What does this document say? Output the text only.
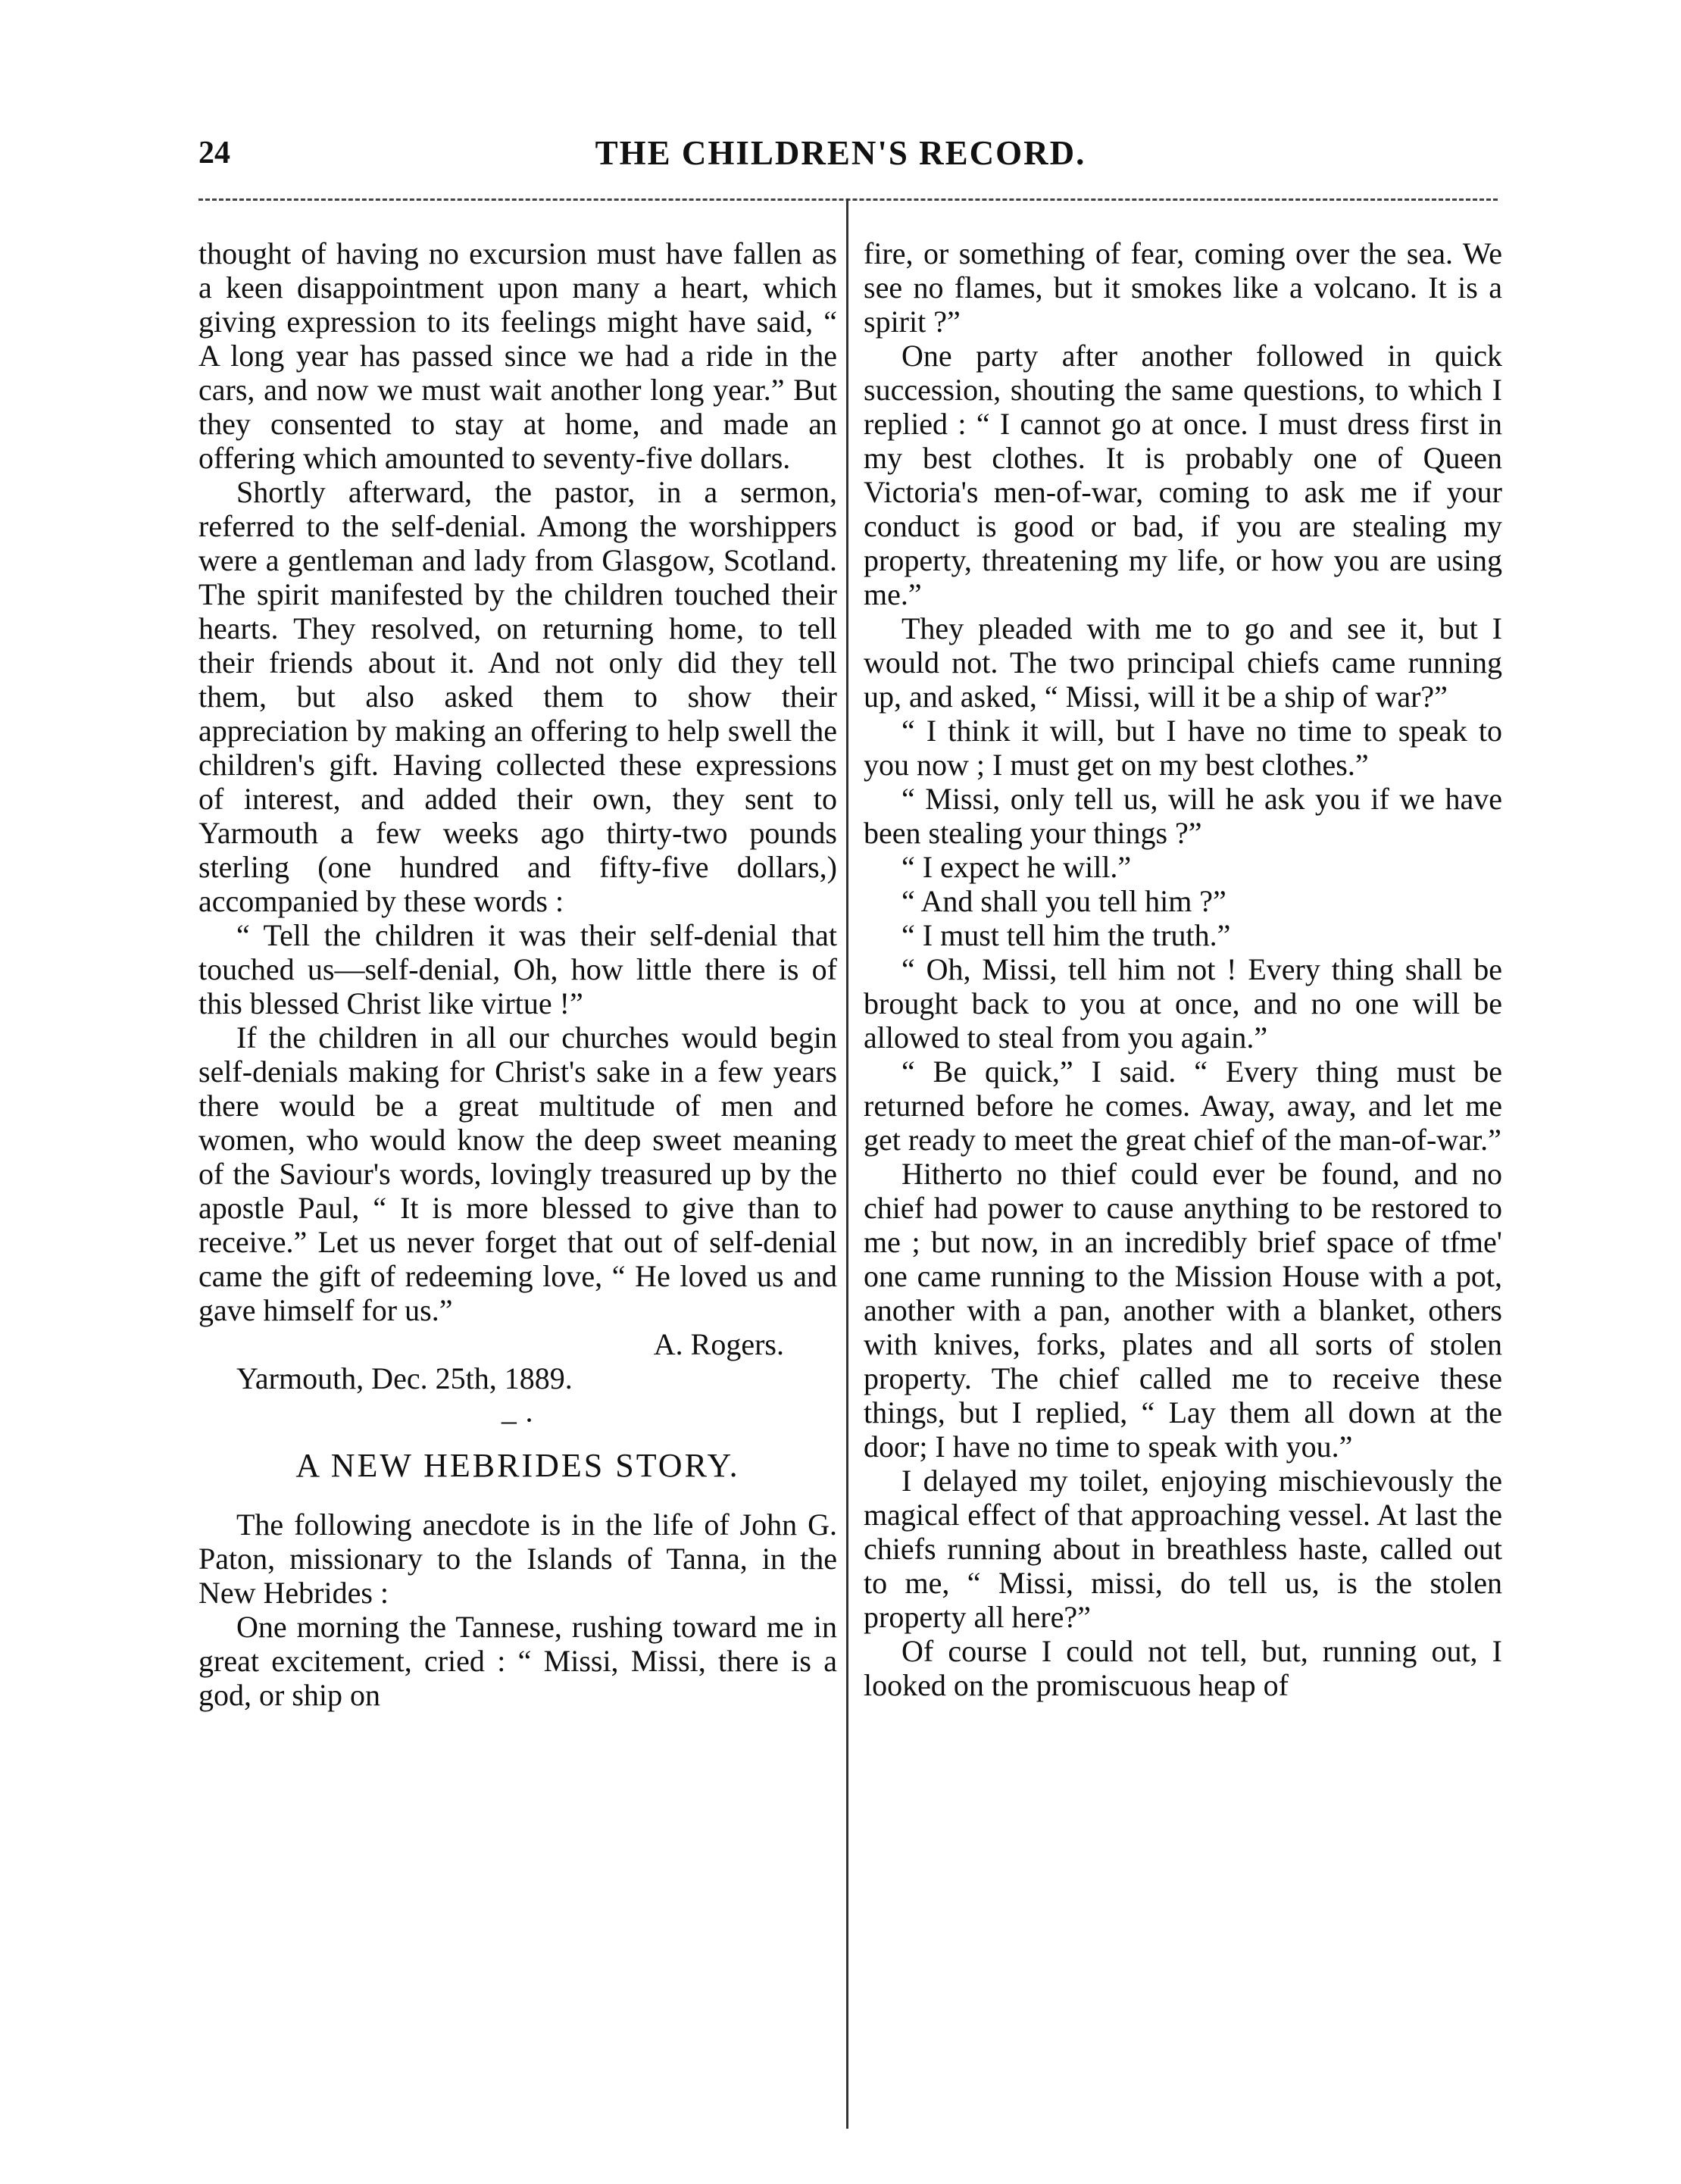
24	THE CHILDREN'S RECORD.

thought of having no excursion must have fallen as a keen disappointment upon many a heart, which giving expression to its feelings might have said, “ A long year has passed since we had a ride in the cars, and now we must wait another long year.” But they consented to stay at home, and made an offering which amounted to seventy-five dollars.

Shortly afterward, the pastor, in a sermon, referred to the self-denial. Among the worshippers were a gentleman and lady from Glasgow, Scotland. The spirit manifested by the children touched their hearts. They resolved, on returning home, to tell their friends about it. And not only did they tell them, but also asked them to show their appreciation by making an offering to help swell the children's gift. Having collected these expressions of interest, and added their own, they sent to Yarmouth a few weeks ago thirty-two pounds sterling (one hundred and fifty-five dollars,) accompanied by these words :

“ Tell the children it was their self-denial that touched us—self-denial, Oh, how little there is of this blessed Christ like virtue !”

If the children in all our churches would begin self-denials making for Christ's sake in a few years there would be a great multitude of men and women, who would know the deep sweet meaning of the Saviour's words, lovingly treasured up by the apostle Paul, “ It is more blessed to give than to receive.” Let us never forget that out of self-denial came the gift of redeeming love, “ He loved us and gave himself for us.”

A. Rogers.

Yarmouth, Dec. 25th, 1889.

– ·
A NEW HEBRIDES STORY.

The following anecdote is in the life of John G. Paton, missionary to the Islands of Tanna, in the New Hebrides :

One morning the Tannese, rushing toward me in great excitement, cried : “ Missi, Missi, there is a god, or ship on

fire, or something of fear, coming over the sea. We see no flames, but it smokes like a volcano. It is a spirit ?”

One party after another followed in quick succession, shouting the same questions, to which I replied : “ I cannot go at once. I must dress first in my best clothes. It is probably one of Queen Victoria's men-of-war, coming to ask me if your conduct is good or bad, if you are stealing my property, threatening my life, or how you are using me.”

They pleaded with me to go and see it, but I would not. The two principal chiefs came running up, and asked, “ Missi, will it be a ship of war?”

“ I think it will, but I have no time to speak to you now ; I must get on my best clothes.”

“ Missi, only tell us, will he ask you if we have been stealing your things ?”

“ I expect he will.”

“ And shall you tell him ?”

“ I must tell him the truth.”

“ Oh, Missi, tell him not ! Every thing shall be brought back to you at once, and no one will be allowed to steal from you again.”

“ Be quick,” I said. “ Every thing must be returned before he comes. Away, away, and let me get ready to meet the great chief of the man-of-war.”

Hitherto no thief could ever be found, and no chief had power to cause anything to be restored to me ; but now, in an incredibly brief space of tfme' one came running to the Mission House with a pot, another with a pan, another with a blanket, others with knives, forks, plates and all sorts of stolen property. The chief called me to receive these things, but I replied, “ Lay them all down at the door; I have no time to speak with you.”

I delayed my toilet, enjoying mischievously the magical effect of that approaching vessel. At last the chiefs running about in breathless haste, called out to me, “ Missi, missi, do tell us, is the stolen property all here?”

Of course I could not tell, but, running out, I looked on the promiscuous heap of
